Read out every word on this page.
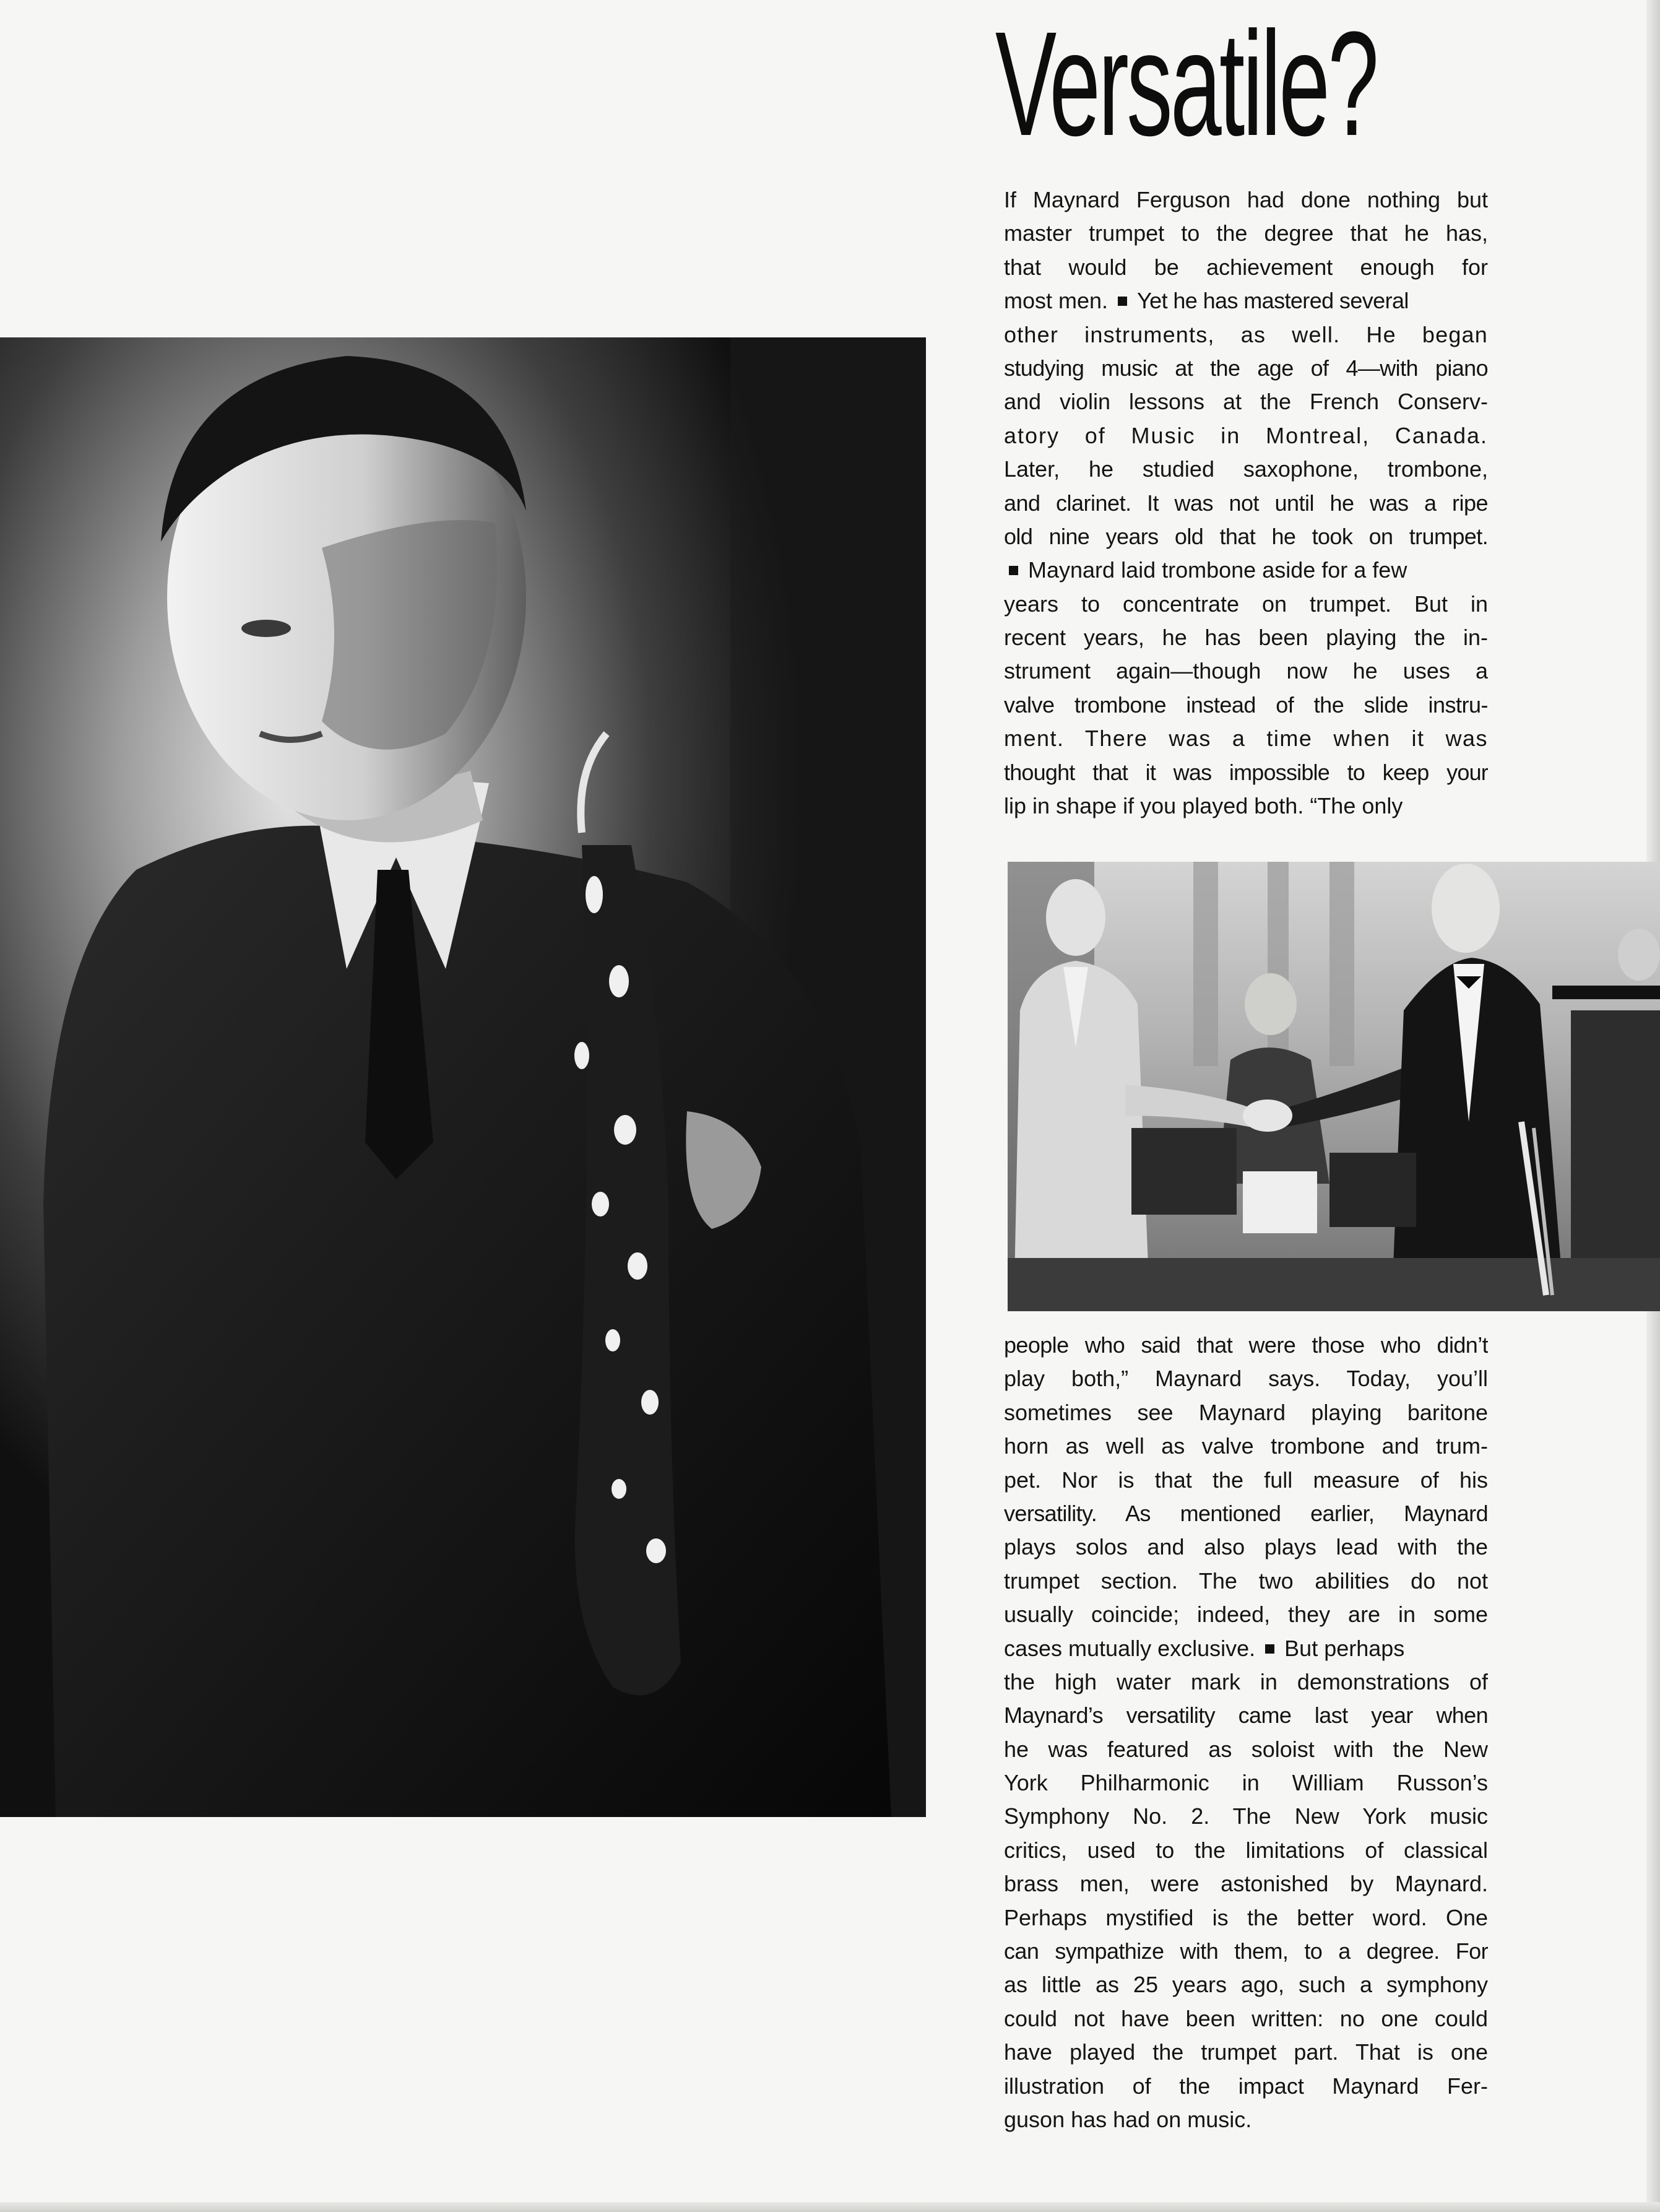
Versatile?
If Maynard Ferguson had done nothing but
master trumpet to the degree that he has,
that would be achievement enough for
most men. Yet he has mastered several
other instruments, as well. He began
studying music at the age of 4—with piano
and violin lessons at the French Conserv-
atory of Music in Montreal, Canada.
Later, he studied saxophone, trombone,
and clarinet. It was not until he was a ripe
old nine years old that he took on trumpet.
Maynard laid trombone aside for a few
years to concentrate on trumpet. But in
recent years, he has been playing the in-
strument again—though now he uses a
valve trombone instead of the slide instru-
ment. There was a time when it was
thought that it was impossible to keep your
lip in shape if you played both. “The only
people who said that were those who didn’t
play both,” Maynard says. Today, you’ll
sometimes see Maynard playing baritone
horn as well as valve trombone and trum-
pet. Nor is that the full measure of his
versatility. As mentioned earlier, Maynard
plays solos and also plays lead with the
trumpet section. The two abilities do not
usually coincide; indeed, they are in some
cases mutually exclusive. But perhaps
the high water mark in demonstrations of
Maynard’s versatility came last year when
he was featured as soloist with the New
York Philharmonic in William Russon’s
Symphony No. 2. The New York music
critics, used to the limitations of classical
brass men, were astonished by Maynard.
Perhaps mystified is the better word. One
can sympathize with them, to a degree. For
as little as 25 years ago, such a symphony
could not have been written: no one could
have played the trumpet part. That is one
illustration of the impact Maynard Fer-
guson has had on music.
